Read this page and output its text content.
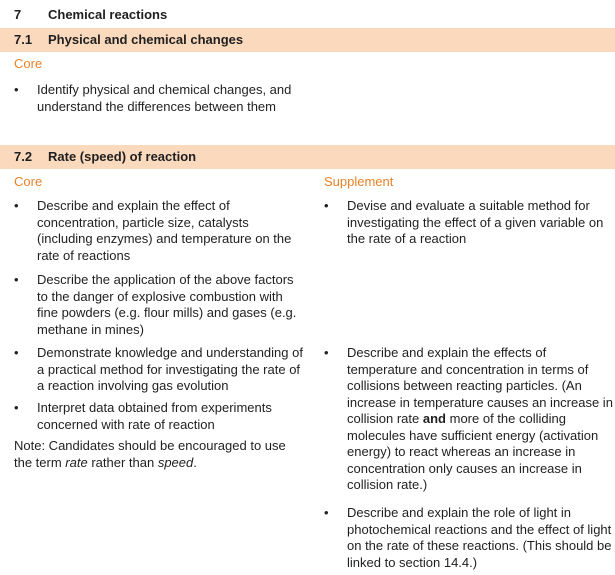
7 Chemical reactions
7.1 Physical and chemical changes
Core
•	Identify physical and chemical changes, and understand the differences between them
7.2 Rate (speed) of reaction
Core	Supplement
•	Describe and explain the effect of concentration, particle size, catalysts (including enzymes) and temperature on the rate of reactions
•	Describe the application of the above factors to the danger of explosive combustion with fine powders (e.g. flour mills) and gases (e.g. methane in mines)
•	Demonstrate knowledge and understanding of a practical method for investigating the rate of a reaction involving gas evolution
•	Interpret data obtained from experiments concerned with rate of reaction
Note: Candidates should be encouraged to use the term rate rather than speed.
•	Devise and evaluate a suitable method for investigating the effect of a given variable on the rate of a reaction
•	Describe and explain the effects of temperature and concentration in terms of collisions between reacting particles. (An increase in temperature causes an increase in collision rate and more of the colliding molecules have sufficient energy (activation energy) to react whereas an increase in concentration only causes an increase in collision rate.)
•	Describe and explain the role of light in photochemical reactions and the effect of light on the rate of these reactions. (This should be linked to section 14.4.)
